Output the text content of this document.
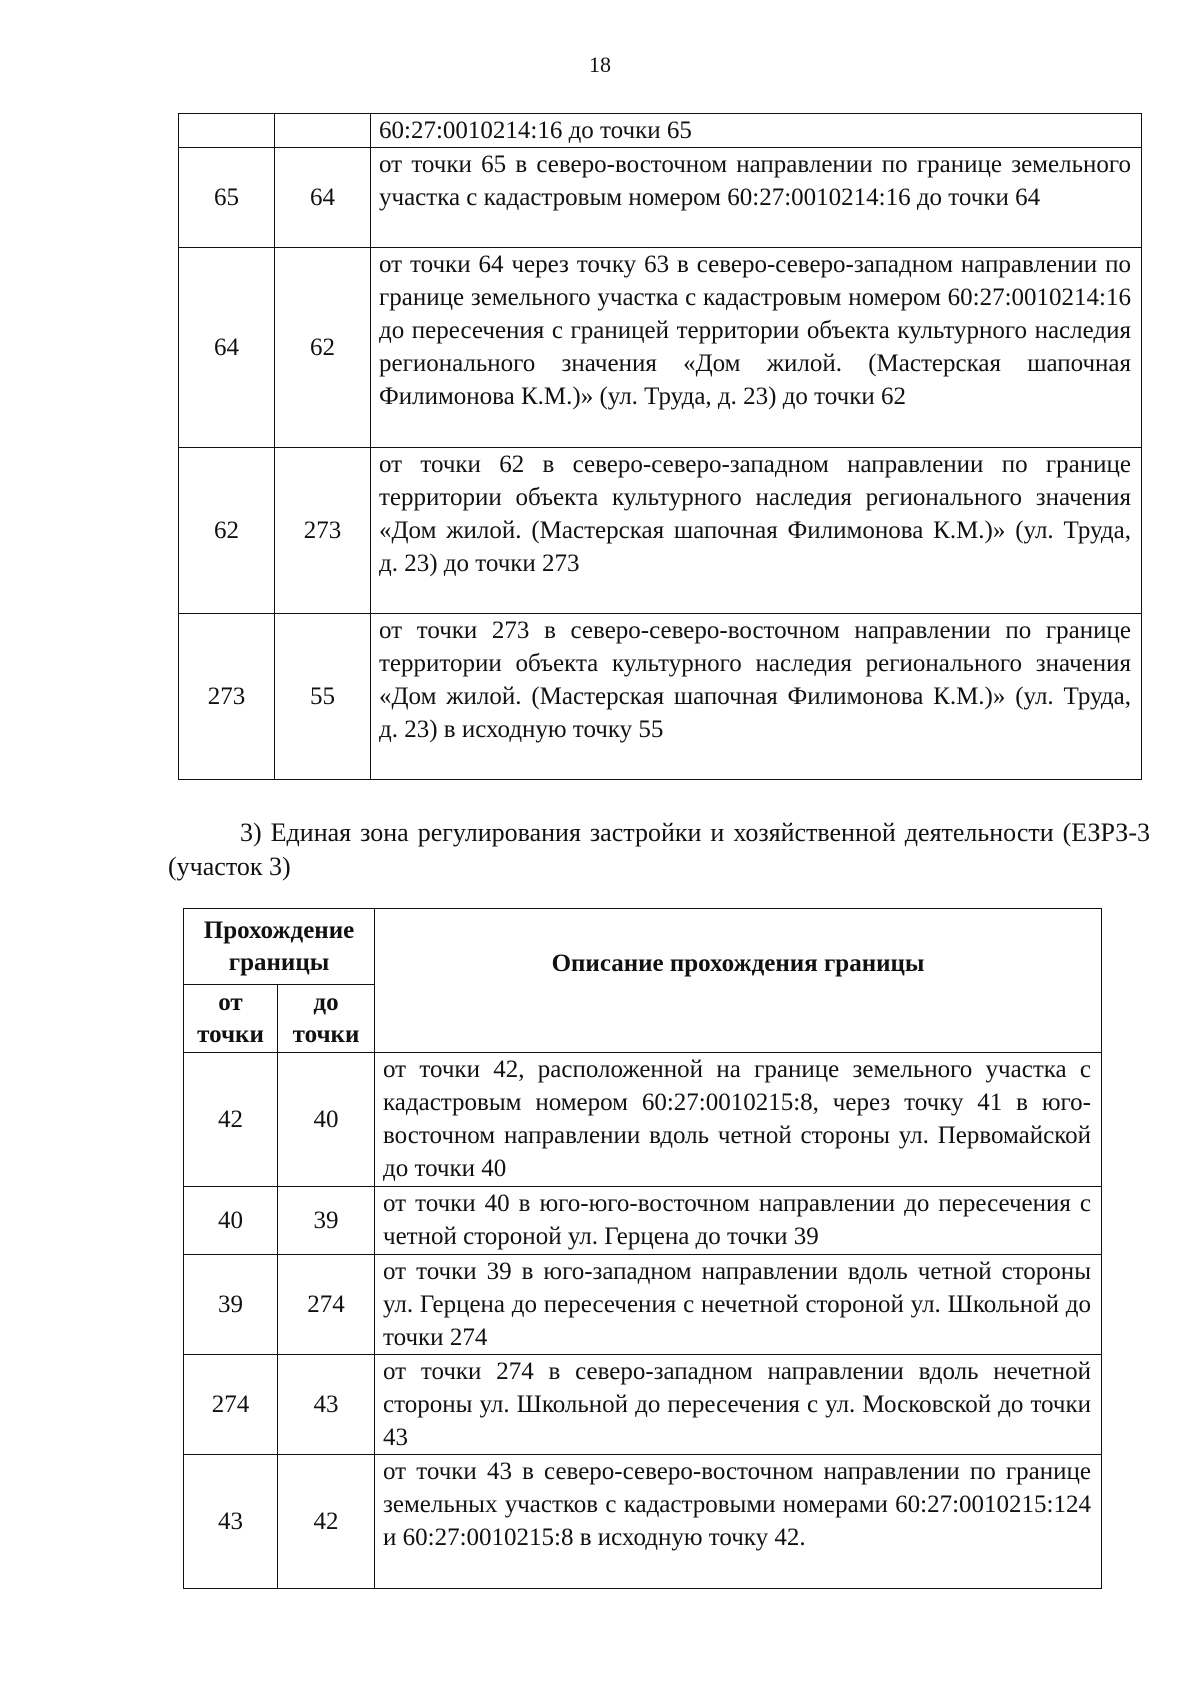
18
		60:27:0010214:16 до точки 65
65	64	от точки 65 в северо-восточном направлении по границе земельного участка с кадастровым номером 60:27:0010214:16 до точки 64
64	62	от точки 64 через точку 63 в северо-северо-западном направлении по границе земельного участка с кадастровым номером 60:27:0010214:16 до пересечения с границей территории объекта культурного наследия регионального значения «Дом жилой. (Мастерская шапочная Филимонова К.М.)» (ул. Труда, д. 23) до точки 62
62	273	от точки 62 в северо-северо-западном направлении по границе территории объекта культурного наследия регионального значения «Дом жилой. (Мастерская шапочная Филимонова К.М.)» (ул. Труда, д. 23) до точки 273
273	55	от точки 273 в северо-северо-восточном направлении по границе территории объекта культурного наследия регионального значения «Дом жилой. (Мастерская шапочная Филимонова К.М.)» (ул. Труда, д. 23) в исходную точку 55
3) Единая зона регулирования застройки и хозяйственной деятельности (ЕЗРЗ-3 (участок 3)
Прохождение границы		Описание прохождения границы
от точки	до точки	
42	40	от точки 42, расположенной на границе земельного участка с кадастровым номером 60:27:0010215:8, через точку 41 в юго-восточном направлении вдоль четной стороны ул. Первомайской до точки 40
40	39	от точки 40 в юго-юго-восточном направлении до пересечения с четной стороной ул. Герцена до точки 39
39	274	от точки 39 в юго-западном направлении вдоль четной стороны ул. Герцена до пересечения с нечетной стороной ул. Школьной до точки 274
274	43	от точки 274 в северо-западном направлении вдоль нечетной стороны ул. Школьной до пересечения с ул. Московской до точки 43
43	42	от точки 43 в северо-северо-восточном направлении по границе земельных участков с кадастровыми номерами 60:27:0010215:124 и 60:27:0010215:8 в исходную точку 42.
